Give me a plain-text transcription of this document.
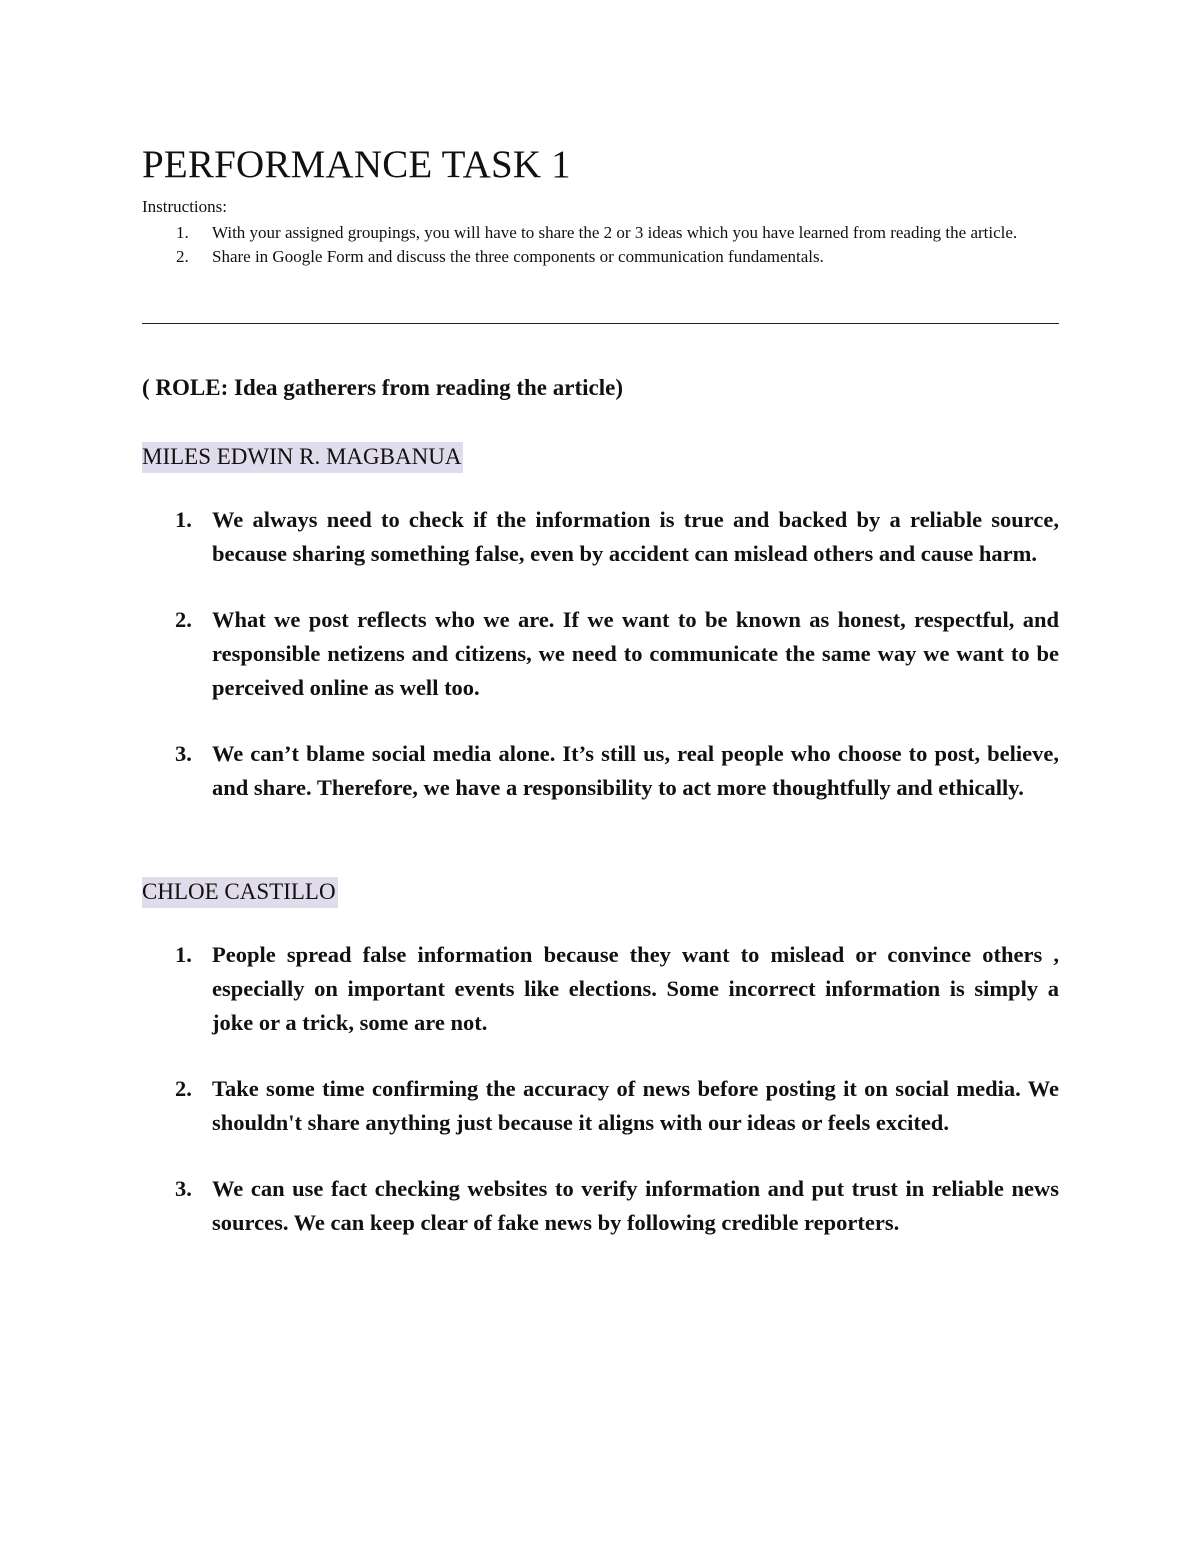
PERFORMANCE TASK 1
Instructions:
1. With your assigned groupings, you will have to share the 2 or 3 ideas which you have learned from reading the article.
2. Share in Google Form and discuss the three components or communication fundamentals.
( ROLE: Idea gatherers from reading the article)
MILES EDWIN R. MAGBANUA
1. We always need to check if the information is true and backed by a reliable source, because sharing something false, even by accident can mislead others and cause harm.
2. What we post reflects who we are. If we want to be known as honest, respectful, and responsible netizens and citizens, we need to communicate the same way we want to be perceived online as well too.
3. We can’t blame social media alone. It’s still us, real people who choose to post, believe, and share. Therefore, we have a responsibility to act more thoughtfully and ethically.
CHLOE CASTILLO
1. People spread false information because they want to mislead or convince others , especially on important events like elections. Some incorrect information is simply a joke or a trick, some are not.
2. Take some time confirming the accuracy of news before posting it on social media. We shouldn't share anything just because it aligns with our ideas or feels excited.
3. We can use fact checking websites to verify information and put trust in reliable news sources. We can keep clear of fake news by following credible reporters.
